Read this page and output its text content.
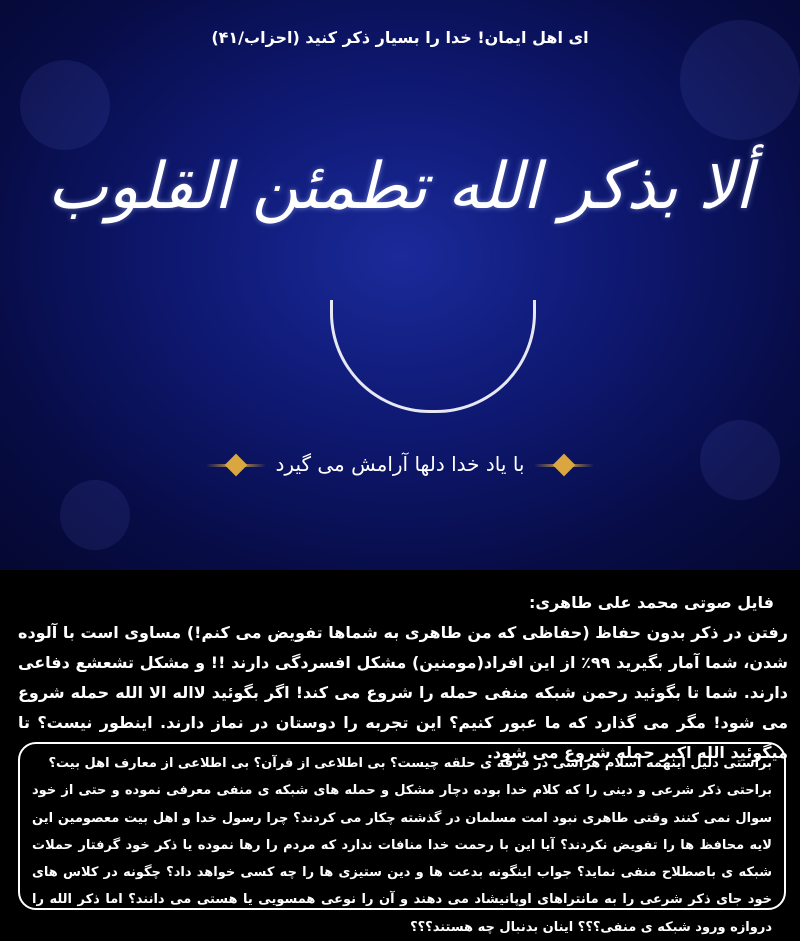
ای اهل ایمان! خدا را بسیار ذکر کنید (احزاب/۴۱)
ألا بذكر الله تطمئن القلوب
با یاد خدا دلها آرامش می گیرد
فایل صوتی محمد علی طاهری:
رفتن در ذکر بدون حفاظ (حفاظی که من طاهری به شماها تفویض می کنم!) مساوی است با آلوده شدن، شما آمار بگیرید ۹۹٪ از این افراد(مومنین) مشکل افسردگی دارند !! و مشکل تشعشع دفاعی دارند. شما تا بگوئید رحمن شبکه منفی حمله را شروع می کند! اگر بگوئید لااله الا الله حمله شروع می شود! مگر می گذارد که ما عبور کنیم؟ این تجربه را دوستان در نماز دارند. اینطور نیست؟ تا میگوئید الله اکبر حمله شروع می شود.
براستی دلیل اینهمه اسلام هراسی در فرقه ی حلقه چیست؟ بی اطلاعی از قرآن؟ بی اطلاعی از معارف اهل بیت؟
براحتی ذکر شرعی و دینی را که کلام خدا بوده دچار مشکل و حمله های شبکه ی منفی معرفی نموده و حتی از خود سوال نمی کنند وقتی طاهری نبود امت مسلمان در گذشته چکار می کردند؟ چرا رسول خدا و اهل بیت معصومین این لایه محافظ ها را تفویض نکردند؟ آیا این با رحمت خدا منافات ندارد که مردم را رها نموده یا ذکر خود گرفتار حملات شبکه ی باصطلاح منفی نماید؟ جواب اینگونه بدعت ها و دین ستیزی ها را چه کسی خواهد داد؟ چگونه در کلاس های خود جای ذکر شرعی را به مانتراهای اوپانیشاد می دهند و آن را نوعی همسویی یا هستی می دانند؟ اما ذکر الله را دروازه ورود شبکه ی منفی؟؟؟ اینان بدنبال چه هستند؟؟؟
